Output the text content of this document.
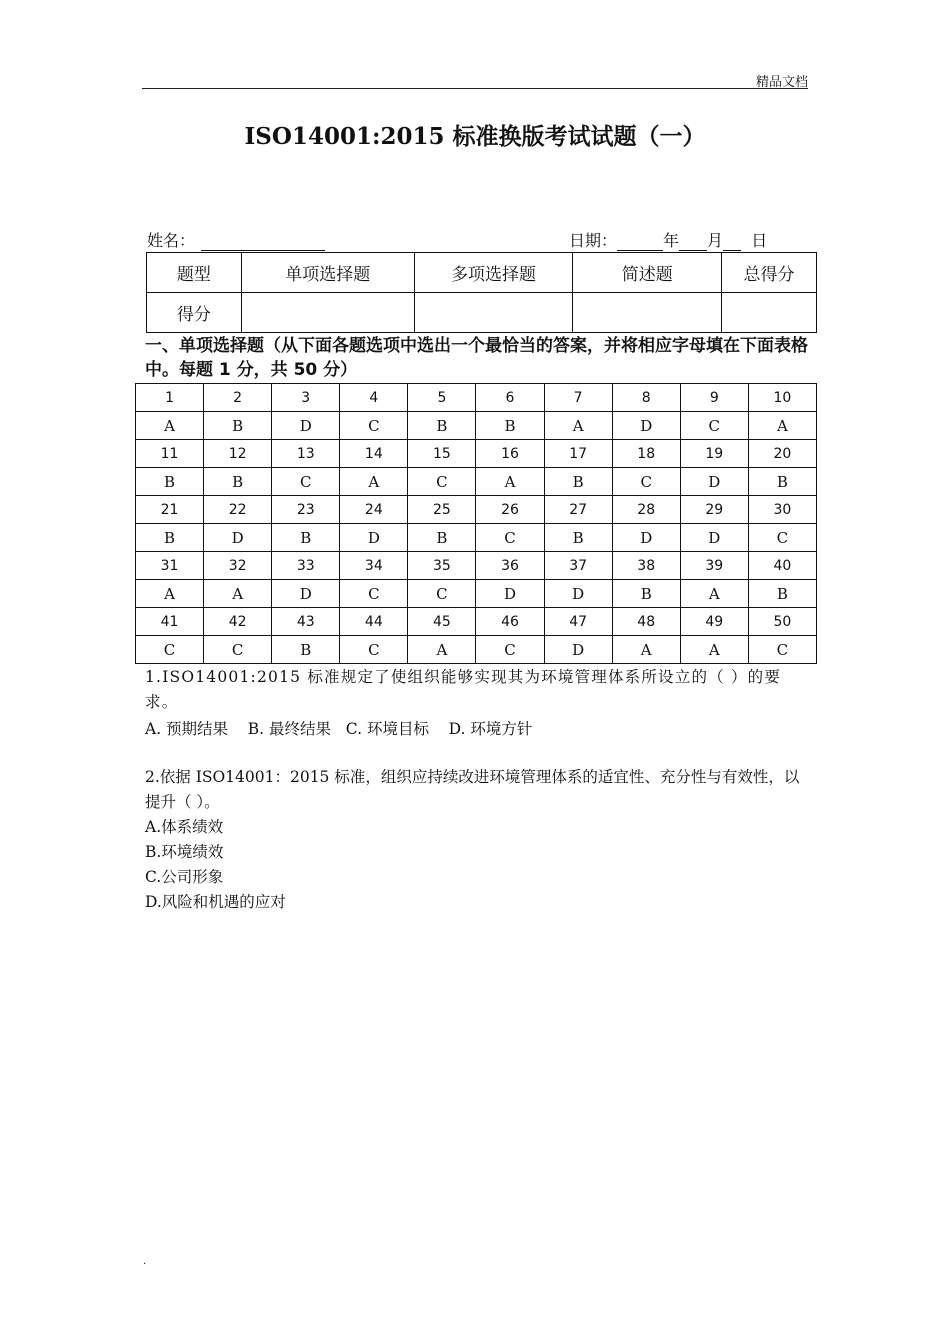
精品文档
ISO14001:2015 标准换版考试试题（一）
姓名：	日期：	年 月 日
题型	单项选择题	多项选择题	简述题	总得分
得分				
一、单项选择题（从下面各题选项中选出一个最恰当的答案，并将相应字母填在下面表格中。每题 1 分，共 50 分）
1	2	3	4	5	6	7	8	9	10
A	B	D	C	B	B	A	D	C	A
11	12	13	14	15	16	17	18	19	20
B	B	C	A	C	A	B	C	D	B
21	22	23	24	25	26	27	28	29	30
B	D	B	D	B	C	B	D	D	C
31	32	33	34	35	36	37	38	39	40
A	A	D	C	C	D	D	B	A	B
41	42	43	44	45	46	47	48	49	50
C	C	B	C	A	C	D	A	A	C
1.ISO14001:2015 标准规定了使组织能够实现其为环境管理体系所设立的（ ）的要求。
A. 预期结果    B. 最终结果   C. 环境目标    D. 环境方针
2.依据 ISO14001：2015 标准，组织应持续改进环境管理体系的适宜性、充分性与有效性，以提升（ ）。
A.体系绩效
B.环境绩效
C.公司形象
D.风险和机遇的应对
.
